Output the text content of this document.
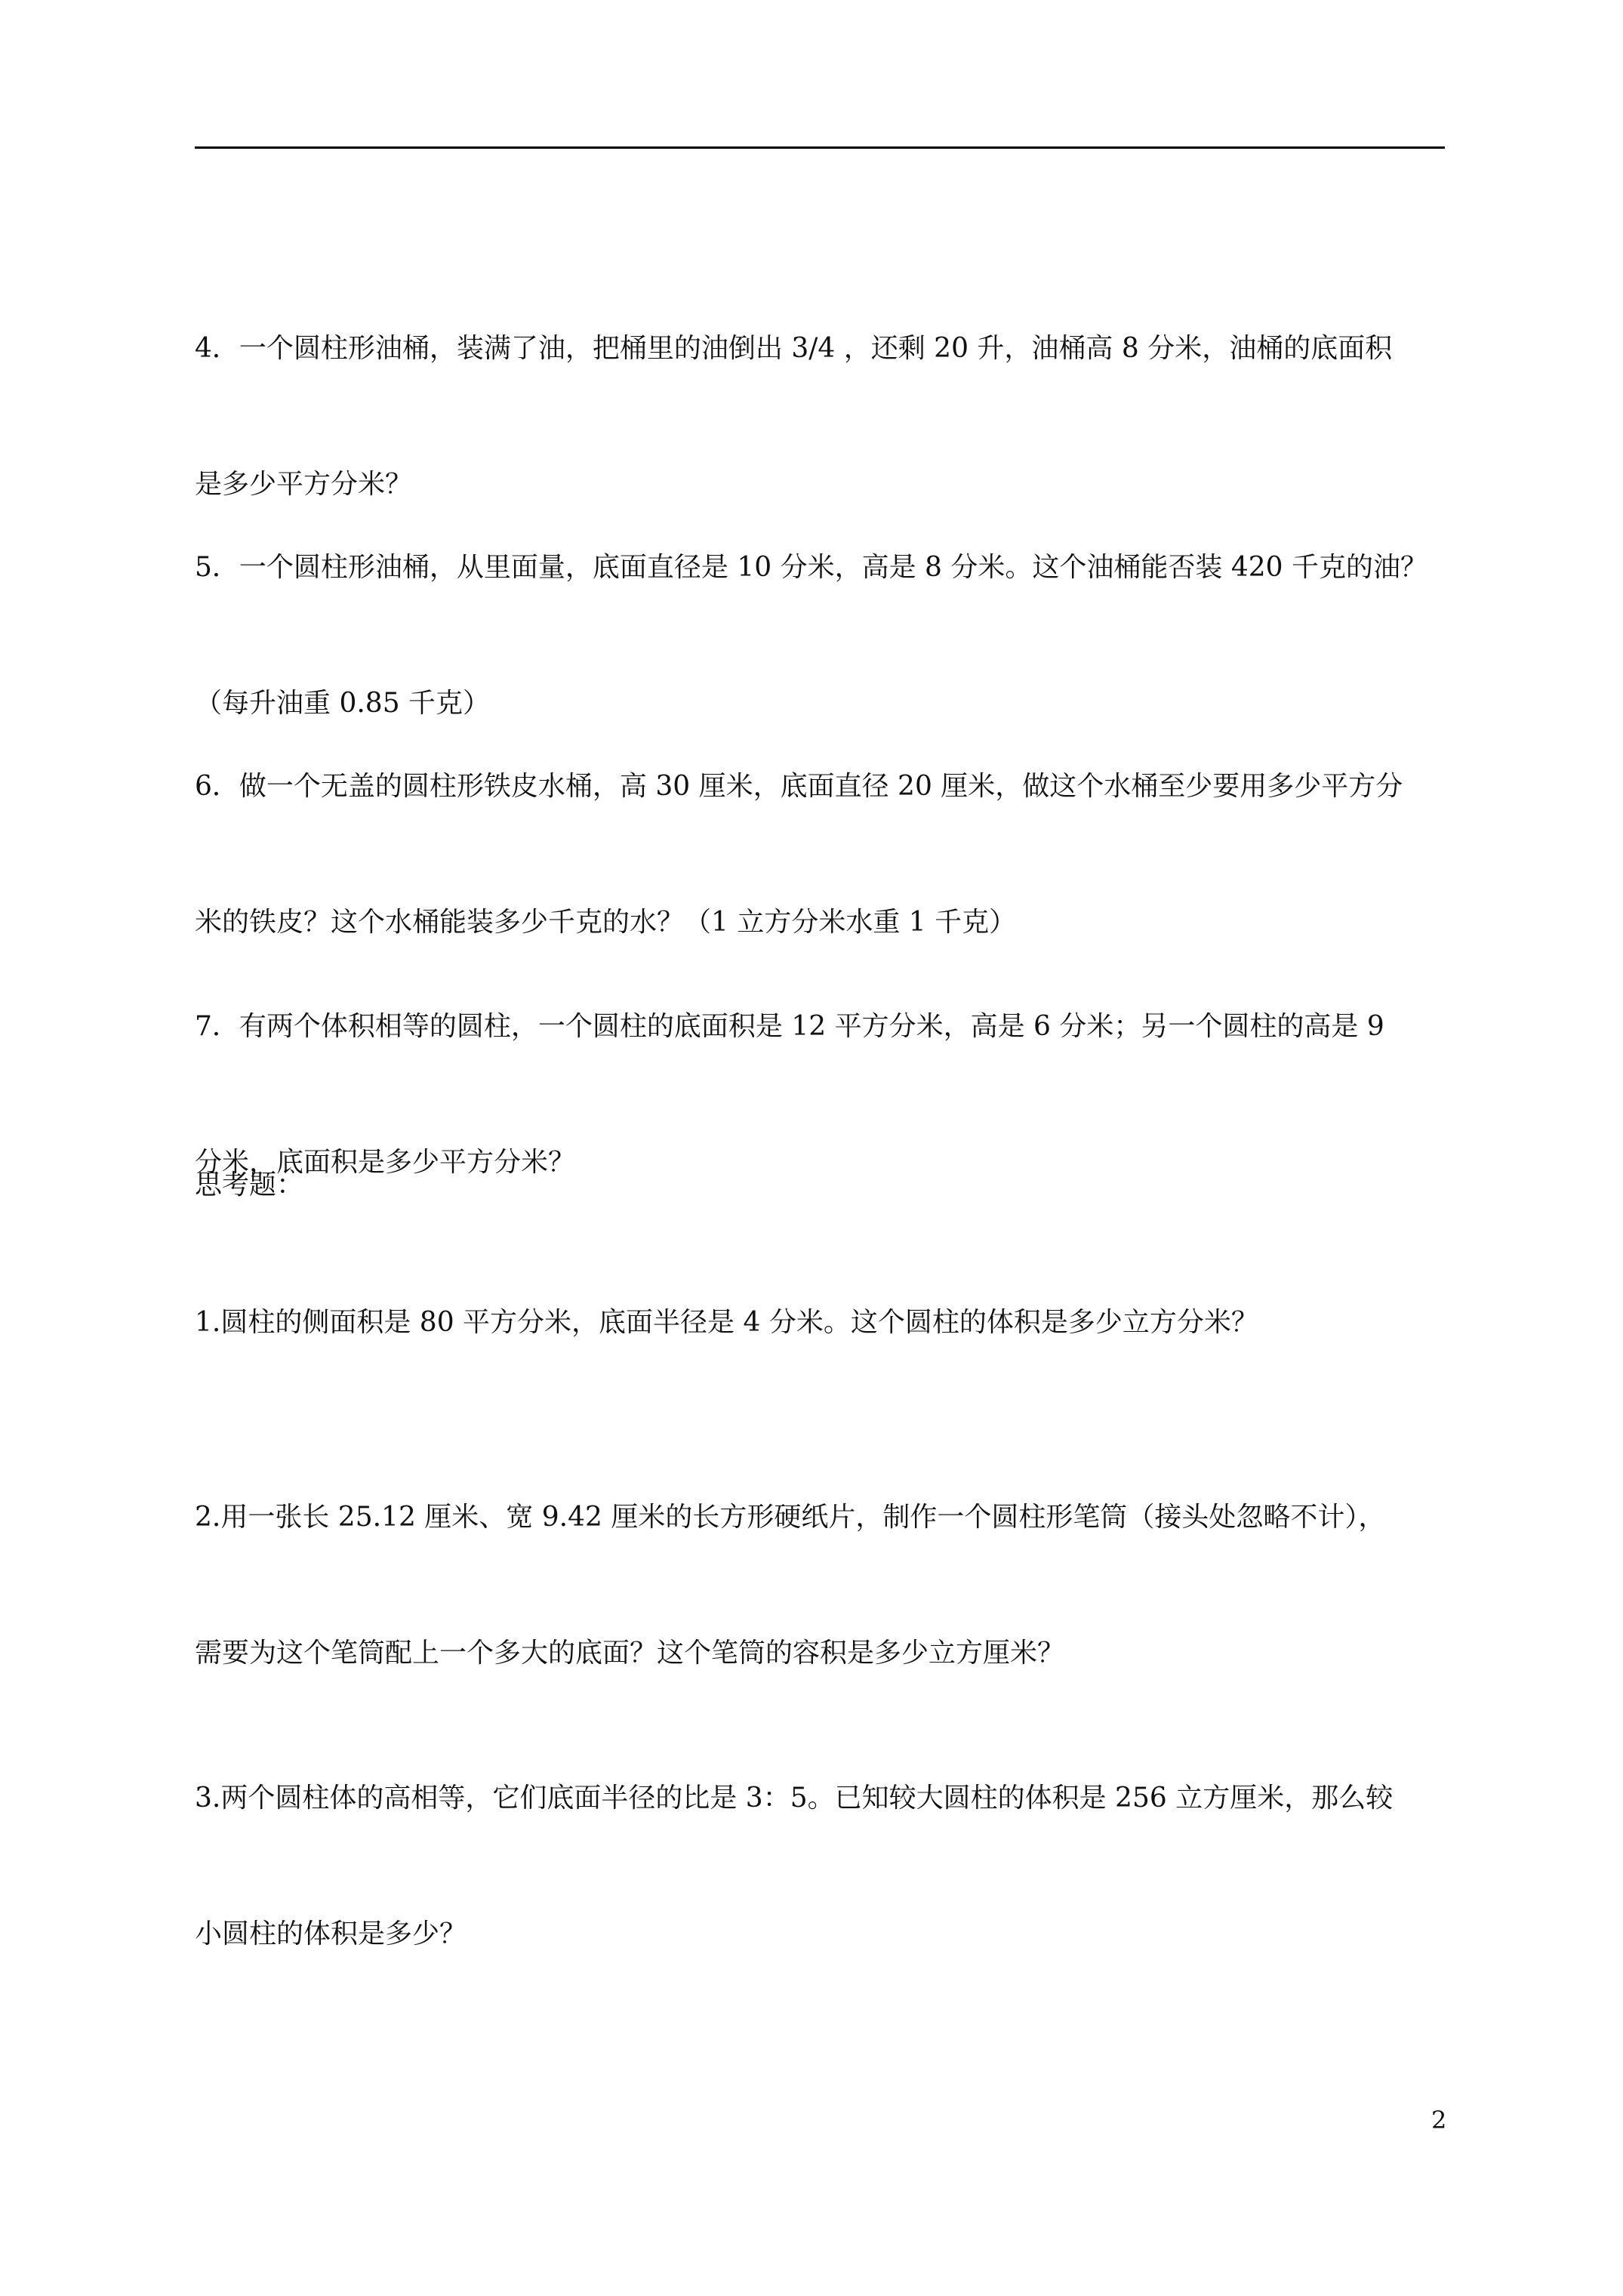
4．一个圆柱形油桶，装满了油，把桶里的油倒出 3/4 ，还剩 20 升，油桶高 8 分米，油桶的底面积

是多少平方分米？

5．一个圆柱形油桶，从里面量，底面直径是 10 分米，高是 8 分米。这个油桶能否装 420 千克的油？

（每升油重 0.85 千克）

6．做一个无盖的圆柱形铁皮水桶，高 30 厘米，底面直径 20 厘米，做这个水桶至少要用多少平方分

米的铁皮？这个水桶能装多少千克的水？（1 立方分米水重 1 千克）

7．有两个体积相等的圆柱，一个圆柱的底面积是 12 平方分米，高是 6 分米；另一个圆柱的高是 9

分米，底面积是多少平方分米？

思考题：

1.圆柱的侧面积是 80 平方分米，底面半径是 4 分米。这个圆柱的体积是多少立方分米？

2.用一张长 25.12 厘米、宽 9.42 厘米的长方形硬纸片，制作一个圆柱形笔筒（接头处忽略不计），

需要为这个笔筒配上一个多大的底面？这个笔筒的容积是多少立方厘米？

3.两个圆柱体的高相等，它们底面半径的比是 3：5。已知较大圆柱的体积是 256 立方厘米，那么较

小圆柱的体积是多少？

2
